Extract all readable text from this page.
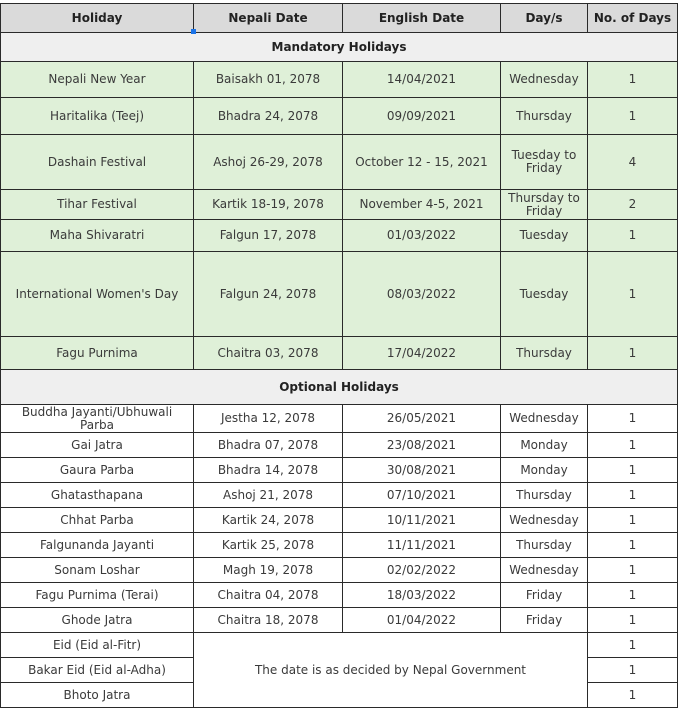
Holiday	Nepali Date	English Date	Day/s	No. of Days
Mandatory Holidays				
Nepali New Year	Baisakh 01, 2078	14/04/2021	Wednesday	1
Haritalika (Teej)	Bhadra 24, 2078	09/09/2021	Thursday	1
Dashain Festival	Ashoj 26-29, 2078	October 12 - 15, 2021	Tuesday to Friday	4
Tihar Festival	Kartik 18-19, 2078	November 4-5, 2021	Thursday to Friday	2
Maha Shivaratri	Falgun 17, 2078	01/03/2022	Tuesday	1
International Women's Day	Falgun 24, 2078	08/03/2022	Tuesday	1
Fagu Purnima	Chaitra 03, 2078	17/04/2022	Thursday	1
Optional Holidays				
Buddha Jayanti/Ubhuwali Parba	Jestha 12, 2078	26/05/2021	Wednesday	1
Gai Jatra	Bhadra 07, 2078	23/08/2021	Monday	1
Gaura Parba	Bhadra 14, 2078	30/08/2021	Monday	1
Ghatasthapana	Ashoj 21, 2078	07/10/2021	Thursday	1
Chhat Parba	Kartik 24, 2078	10/11/2021	Wednesday	1
Falgunanda Jayanti	Kartik 25, 2078	11/11/2021	Thursday	1
Sonam Loshar	Magh 19, 2078	02/02/2022	Wednesday	1
Fagu Purnima (Terai)	Chaitra 04, 2078	18/03/2022	Friday	1
Ghode Jatra	Chaitra 18, 2078	01/04/2022	Friday	1
Eid (Eid al-Fitr)	The date is as decided by Nepal Government			1
Bakar Eid (Eid al-Adha)				1
Bhoto Jatra				1
